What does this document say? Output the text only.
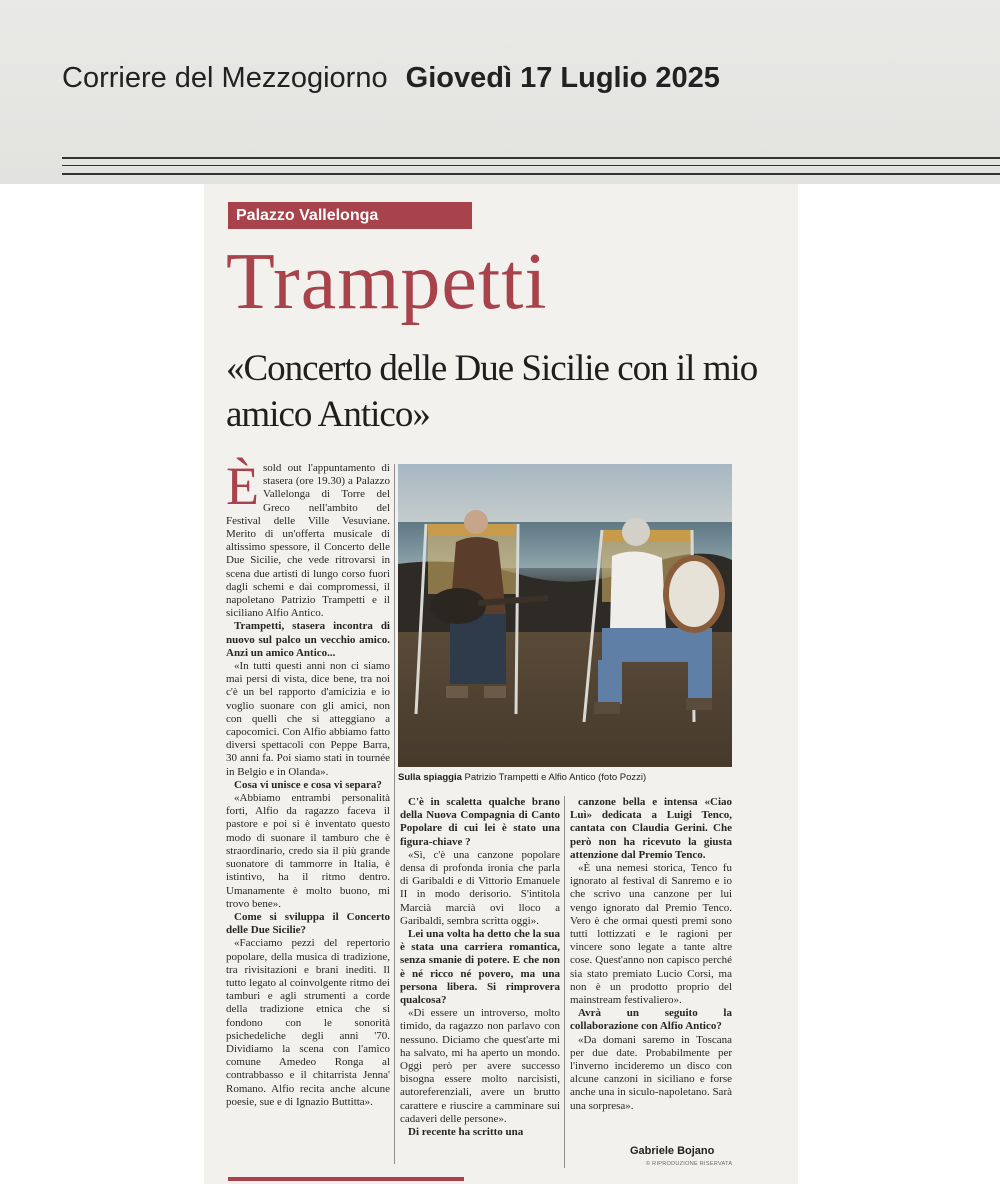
Corriere del Mezzogiorno Giovedì 17 Luglio 2025
Palazzo Vallelonga
Trampetti
«Concerto delle Due Sicilie con il mio amico Antico»

Èsold out l'appuntamento di stasera (ore 19.30) a Palazzo Vallelonga di Torre del Greco nell'ambito del Festival delle Ville Vesuviane. Merito di un'offerta musicale di altissimo spessore, il Concerto delle Due Sicilie, che vede ritrovarsi in scena due artisti di lungo corso fuori dagli schemi e dai compromessi, il napoletano Patrizio Trampetti e il siciliano Alfio Antico.

Trampetti, stasera incontra di nuovo sul palco un vecchio amico. Anzi un amico Antico...

«In tutti questi anni non ci siamo mai persi di vista, dice bene, tra noi c'è un bel rapporto d'amicizia e io voglio suonare con gli amici, non con quelli che si atteggiano a capocomici. Con Alfio abbiamo fatto diversi spettacoli con Peppe Barra, 30 anni fa. Poi siamo stati in tournée in Belgio e in Olanda».

Cosa vi unisce e cosa vi separa?

«Abbiamo entrambi personalità forti, Alfio da ragazzo faceva il pastore e poi si è inventato questo modo di suonare il tamburo che è straordinario, credo sia il più grande suonatore di tammorre in Italia, è istintivo, ha il ritmo dentro. Umanamente è molto buono, mi trovo bene».

Come si sviluppa il Concerto delle Due Sicilie?

«Facciamo pezzi del repertorio popolare, della musica di tradizione, tra rivisitazioni e brani inediti. Il tutto legato al coinvolgente ritmo dei tamburi e agli strumenti a corde della tradizione etnica che si fondono con le sonorità psichedeliche degli anni '70. Dividiamo la scena con l'amico comune Amedeo Ronga al contrabbasso e il chitarrista Jenna' Romano. Alfio recita anche alcune poesie, sue e di Ignazio Buttitta».

Sulla spiaggia Patrizio Trampetti e Alfio Antico (foto Pozzi)

C'è in scaletta qualche brano della Nuova Compagnia di Canto Popolare di cui lei è stato una figura-chiave ?

«Sì, c'è una canzone popolare densa di profonda ironia che parla di Garibaldi e di Vittorio Emanuele II in modo derisorio. S'intitola Marcià marcià ovì lloco a Garibaldi, sembra scritta oggi».

Lei una volta ha detto che la sua è stata una carriera romantica, senza smanie di potere. E che non è né ricco né povero, ma una persona libera. Si rimprovera qualcosa?

«Di essere un introverso, molto timido, da ragazzo non parlavo con nessuno. Diciamo che quest'arte mi ha salvato, mi ha aperto un mondo. Oggi però per avere successo bisogna essere molto narcisisti, autoreferenziali, avere un brutto carattere e riuscire a camminare sui cadaveri delle persone».

Di recente ha scritto una

canzone bella e intensa «Ciao Luì» dedicata a Luigi Tenco, cantata con Claudia Gerini. Che però non ha ricevuto la giusta attenzione dal Premio Tenco.

«È una nemesi storica, Tenco fu ignorato al festival di Sanremo e io che scrivo una canzone per lui vengo ignorato dal Premio Tenco. Vero è che ormai questi premi sono tutti lottizzati e le ragioni per vincere sono legate a tante altre cose. Quest'anno non capisco perché sia stato premiato Lucio Corsi, ma non è un prodotto proprio del mainstream festivaliero».

Avrà un seguito la collaborazione con Alfio Antico?

«Da domani saremo in Toscana per due date. Probabilmente per l'inverno incideremo un disco con alcune canzoni in siciliano e forse anche una in siculo-napoletano. Sarà una sorpresa».

Gabriele Bojano
© RIPRODUZIONE RISERVATA
